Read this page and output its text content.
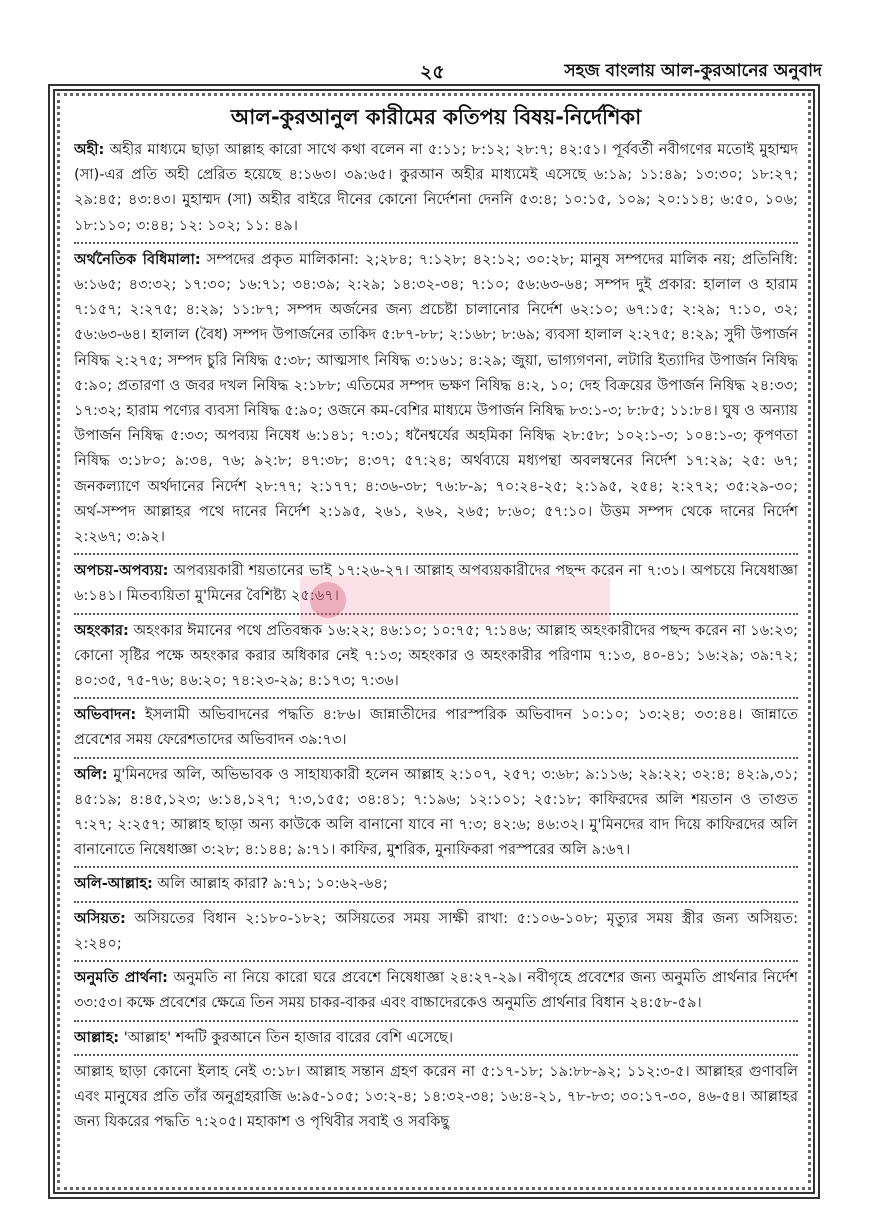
২৫	সহজ বাংলায় আল-কুরআনের অনুবাদ
আল-কুরআনুল কারীমের কতিপয় বিষয়-নির্দেশিকা

অহী: অহীর মাধ্যমে ছাড়া আল্লাহ কারো সাথে কথা বলেন না ৫:১১; ৮:১২; ২৮:৭; ৪২:৫১। পূর্ববর্তী নবীগণের মতোই মুহাম্মদ (সা)-এর প্রতি অহী প্রেরিত হয়েছে ৪:১৬৩। ৩৯:৬৫। কুরআন অহীর মাধ্যমেই এসেছে ৬:১৯; ১১:৪৯; ১৩:৩০; ১৮:২৭; ২৯:৪৫; ৪৩:৪৩। মুহাম্মদ (সা) অহীর বাইরে দীনের কোনো নির্দেশনা দেননি ৫৩:৪; ১০:১৫, ১০৯; ২০:১১৪; ৬:৫০, ১০৬; ১৮:১১০; ৩:৪৪; ১২: ১০২; ১১: ৪৯।

অর্থনৈতিক বিধিমালা: সম্পদের প্রকৃত মালিকানা: ২;২৮৪; ৭:১২৮; ৪২:১২; ৩০:২৮; মানুষ সম্পদের মালিক নয়; প্রতিনিধি: ৬:১৬৫; ৪৩:৩২; ১৭:৩০; ১৬:৭১; ৩৪:৩৯; ২:২৯; ১৪:৩২-৩৪; ৭:১০; ৫৬:৬৩-৬৪; সম্পদ দুই প্রকার: হালাল ও হারাম ৭:১৫৭; ২:২৭৫; ৪:২৯; ১১:৮৭; সম্পদ অর্জনের জন্য প্রচেষ্টা চালানোর নির্দেশ ৬২:১০; ৬৭:১৫; ২:২৯; ৭:১০, ৩২; ৫৬:৬৩-৬৪। হালাল (বৈধ) সম্পদ উপার্জনের তাকিদ ৫:৮৭-৮৮; ২:১৬৮; ৮:৬৯; ব্যবসা হালাল ২:২৭৫; ৪:২৯; সুদী উপার্জন নিষিদ্ধ ২:২৭৫; সম্পদ চুরি নিষিদ্ধ ৫:৩৮; আত্মসাৎ নিষিদ্ধ ৩:১৬১; ৪:২৯; জুয়া, ভাগ্যগণনা, লটারি ইত্যাদির উপার্জন নিষিদ্ধ ৫:৯০; প্রতারণা ও জবর দখল নিষিদ্ধ ২:১৮৮; এতিমের সম্পদ ভক্ষণ নিষিদ্ধ ৪:২, ১০; দেহ বিক্রয়ের উপার্জন নিষিদ্ধ ২৪:৩৩; ১৭:৩২; হারাম পণ্যের ব্যবসা নিষিদ্ধ ৫:৯০; ওজনে কম-বেশির মাধ্যমে উপার্জন নিষিদ্ধ ৮৩:১-৩; ৮:৮৫; ১১:৮৪। ঘুষ ও অন্যায় উপার্জন নিষিদ্ধ ৫:৩৩; অপব্যয় নিষেধ ৬:১৪১; ৭:৩১; ধনৈশ্বর্যের অহমিকা নিষিদ্ধ ২৮:৫৮; ১০২:১-৩; ১০৪:১-৩; কৃপণতা নিষিদ্ধ ৩:১৮০; ৯:৩৪, ৭৬; ৯২:৮; ৪৭:৩৮; ৪:৩৭; ৫৭:২৪; অর্থব্যয়ে মধ্যপন্থা অবলম্বনের নির্দেশ ১৭:২৯; ২৫: ৬৭; জনকল্যাণে অর্থদানের নির্দেশ ২৮:৭৭; ২:১৭৭; ৪:৩৬-৩৮; ৭৬:৮-৯; ৭০:২৪-২৫; ২:১৯৫, ২৫৪; ২:২৭২; ৩৫:২৯-৩০; অর্থ-সম্পদ আল্লাহর পথে দানের নির্দেশ ২:১৯৫, ২৬১, ২৬২, ২৬৫; ৮:৬০; ৫৭:১০। উত্তম সম্পদ থেকে দানের নির্দেশ ২:২৬৭; ৩:৯২।

অপচয়-অপব্যয়: অপব্যয়কারী শয়তানের ভাই ১৭:২৬-২৭। আল্লাহ অপব্যয়কারীদের পছন্দ করেন না ৭:৩১। অপচয়ে নিষেধাজ্ঞা ৬:১৪১। মিতব্যয়িতা মু'মিনের বৈশিষ্ট্য ২৫:৬৭।

অহংকার: অহংকার ঈমানের পথে প্রতিবন্ধক ১৬:২২; ৪৬:১০; ১০:৭৫; ৭:১৪৬; আল্লাহ অহংকারীদের পছন্দ করেন না ১৬:২৩; কোনো সৃষ্টির পক্ষে অহংকার করার অধিকার নেই ৭:১৩; অহংকার ও অহংকারীর পরিণাম ৭:১৩, ৪০-৪১; ১৬:২৯; ৩৯:৭২; ৪০:৩৫, ৭৫-৭৬; ৪৬:২০; ৭৪:২৩-২৯; ৪:১৭৩; ৭:৩৬।

অভিবাদন: ইসলামী অভিবাদনের পদ্ধতি ৪:৮৬। জান্নাতীদের পারস্পরিক অভিবাদন ১০:১০; ১৩:২৪; ৩৩:৪৪। জান্নাতে প্রবেশের সময় ফেরেশতাদের অভিবাদন ৩৯:৭৩।

অলি: মু'মিনদের অলি, অভিভাবক ও সাহায্যকারী হলেন আল্লাহ ২:১০৭, ২৫৭; ৩:৬৮; ৯:১১৬; ২৯:২২; ৩২:৪; ৪২:৯,৩১; ৪৫:১৯; ৪:৪৫,১২৩; ৬:১৪,১২৭; ৭:৩,১৫৫; ৩৪:৪১; ৭:১৯৬; ১২:১০১; ২৫:১৮; কাফিরদের অলি শয়তান ও তাগুত ৭:২৭; ২:২৫৭; আল্লাহ ছাড়া অন্য কাউকে অলি বানানো যাবে না ৭:৩; ৪২:৬; ৪৬:৩২। মু'মিনদের বাদ দিয়ে কাফিরদের অলি বানানোতে নিষেধাজ্ঞা ৩:২৮; ৪:১৪৪; ৯:৭১। কাফির, মুশরিক, মুনাফিকরা পরস্পরের অলি ৯:৬৭।

অলি-আল্লাহ: অলি আল্লাহ কারা? ৯:৭১; ১০:৬২-৬৪;

অসিয়ত: অসিয়তের বিধান ২:১৮০-১৮২; অসিয়তের সময় সাক্ষী রাখা: ৫:১০৬-১০৮; মৃত্যুর সময় স্ত্রীর জন্য অসিয়ত: ২:২৪০;

অনুমতি প্রার্থনা: অনুমতি না নিয়ে কারো ঘরে প্রবেশে নিষেধাজ্ঞা ২৪:২৭-২৯। নবীগৃহে প্রবেশের জন্য অনুমতি প্রার্থনার নির্দেশ ৩৩:৫৩। কক্ষে প্রবেশের ক্ষেত্রে তিন সময় চাকর-বাকর এবং বাচ্চাদেরকেও অনুমতি প্রার্থনার বিধান ২৪:৫৮-৫৯।

আল্লাহ: 'আল্লাহ' শব্দটি কুরআনে তিন হাজার বারের বেশি এসেছে।

আল্লাহ ছাড়া কোনো ইলাহ নেই ৩:১৮। আল্লাহ সন্তান গ্রহণ করেন না ৫:১৭-১৮; ১৯:৮৮-৯২; ১১২:৩-৫। আল্লাহর গুণাবলি এবং মানুষের প্রতি তাঁর অনুগ্রহরাজি ৬:৯৫-১০৫; ১৩:২-৪; ১৪:৩২-৩৪; ১৬:৪-২১, ৭৮-৮৩; ৩০:১৭-৩০, ৪৬-৫৪। আল্লাহর জন্য যিকরের পদ্ধতি ৭:২০৫। মহাকাশ ও পৃথিবীর সবাই ও সবকিছু
